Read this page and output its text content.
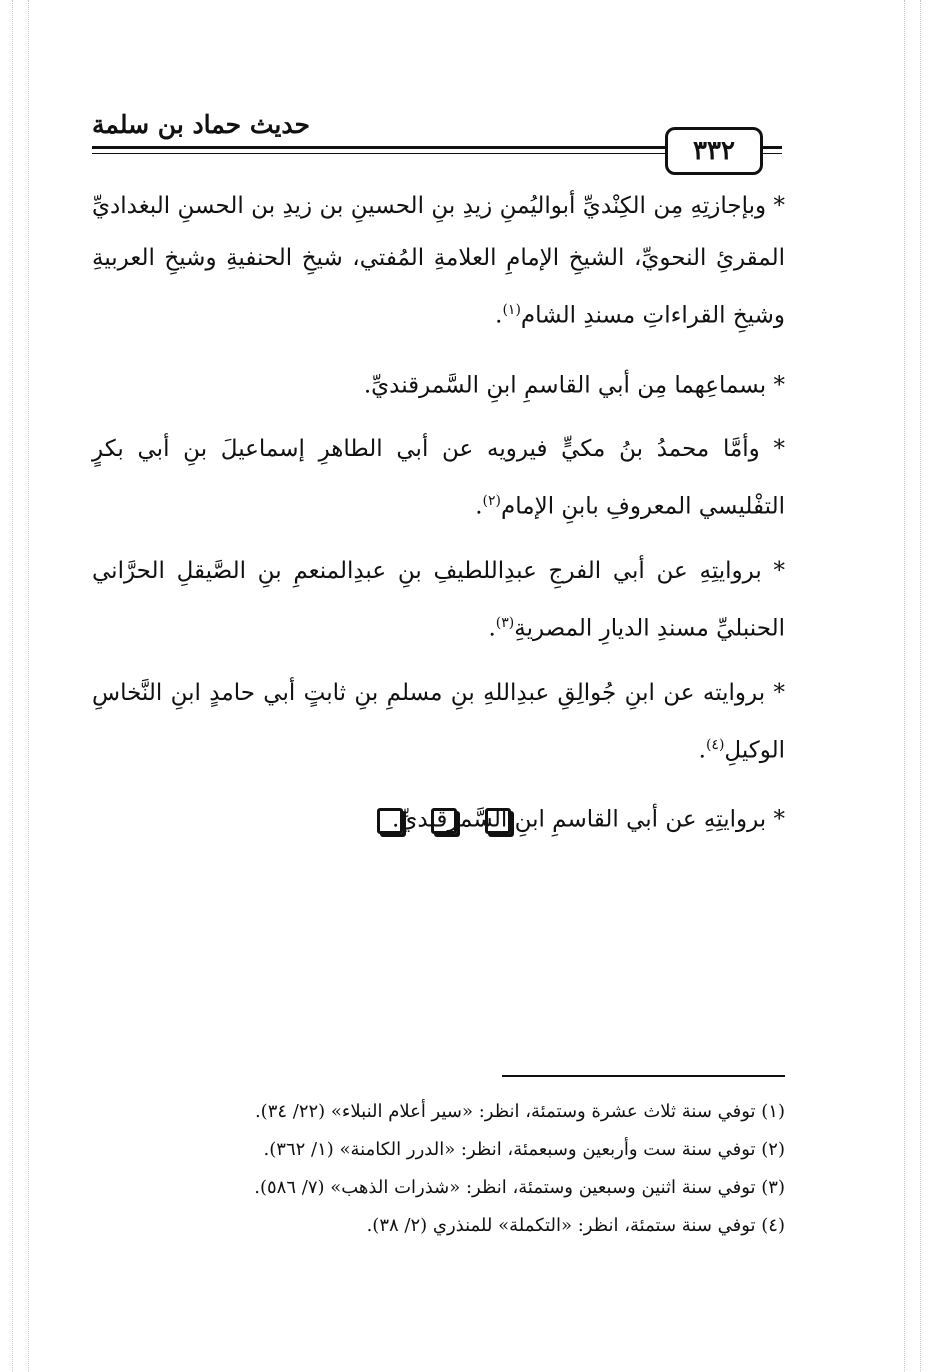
حديث حماد بن سلمة
٣٣٢

* وبإجازتِهِ مِن الكِنْديِّ أبواليُمنِ زيدِ بنِ الحسينِ بن زيدِ بن الحسنِ البغداديِّ المقرئِ النحويِّ، الشيخِ الإمامِ العلامةِ المُفتي، شيخِ الحنفيةِ وشيخِ العربيةِ وشيخِ القراءاتِ مسندِ الشام$^{(١)}$.

* بسماعِهما مِن أبي القاسمِ ابنِ السَّمرقنديِّ.

* وأمَّا محمدُ بنُ مكيٍّ فيرويه عن أبي الطاهرِ إسماعيلَ بنِ أبي بكرٍ التفْليسي المعروفِ بابنِ الإمام$^{(٢)}$.

* بروايتِهِ عن أبي الفرجِ عبدِاللطيفِ بنِ عبدِالمنعمِ بنِ الصَّيقلِ الحرَّاني الحنبليِّ مسندِ الديارِ المصريةِ$^{(٣)}$.

* بروايته عن ابنِ جُوالِقِ عبدِاللهِ بنِ مسلمِ بنِ ثابتٍ أبي حامدٍ ابنِ النَّخاسِ الوكيلِ$^{(٤)}$.

* بروايتِهِ عن أبي القاسمِ ابنِ السَّمرقنديِّ.

(١) توفي سنة ثلاث عشرة وستمئة، انظر: «سير أعلام النبلاء» (٢٢/ ٣٤).

(٢) توفي سنة ست وأربعين وسبعمئة، انظر: «الدرر الكامنة» (١/ ٣٦٢).

(٣) توفي سنة اثنين وسبعين وستمئة، انظر: «شذرات الذهب» (٧/ ٥٨٦).

(٤) توفي سنة ستمئة، انظر: «التكملة» للمنذري (٢/ ٣٨).
